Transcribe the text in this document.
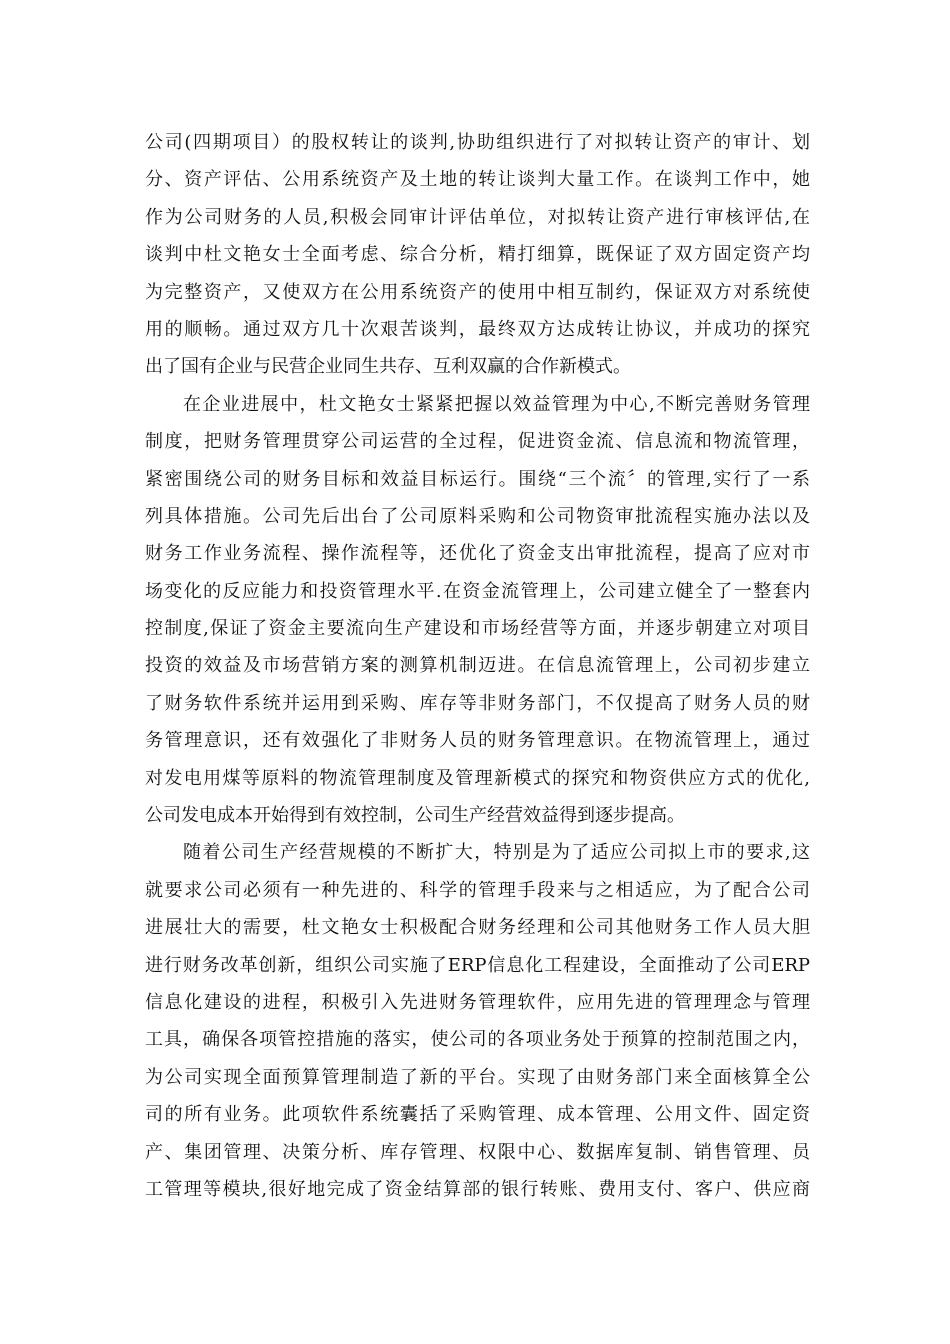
公司(四期项目）的股权转让的谈判,协助组织进行了对拟转让资产的审计、划
分、资产评估、公用系统资产及土地的转让谈判大量工作。在谈判工作中，她
作为公司财务的人员,积极会同审计评估单位，对拟转让资产进行审核评估,在
谈判中杜文艳女士全面考虑、综合分析，精打细算，既保证了双方固定资产均
为完整资产，又使双方在公用系统资产的使用中相互制约，保证双方对系统使
用的顺畅。通过双方几十次艰苦谈判，最终双方达成转让协议，并成功的探究
出了国有企业与民营企业同生共存、互利双赢的合作新模式。
在企业进展中，杜文艳女士紧紧把握以效益管理为中心,不断完善财务管理
制度，把财务管理贯穿公司运营的全过程，促进资金流、信息流和物流管理，
紧密围绕公司的财务目标和效益目标运行。围绕“三个流〞的管理,实行了一系
列具体措施。公司先后出台了公司原料采购和公司物资审批流程实施办法以及
财务工作业务流程、操作流程等，还优化了资金支出审批流程，提高了应对市
场变化的反应能力和投资管理水平.在资金流管理上，公司建立健全了一整套内
控制度,保证了资金主要流向生产建设和市场经营等方面，并逐步朝建立对项目
投资的效益及市场营销方案的测算机制迈进。在信息流管理上，公司初步建立
了财务软件系统并运用到采购、库存等非财务部门，不仅提高了财务人员的财
务管理意识，还有效强化了非财务人员的财务管理意识。在物流管理上，通过
对发电用煤等原料的物流管理制度及管理新模式的探究和物资供应方式的优化,
公司发电成本开始得到有效控制，公司生产经营效益得到逐步提高。
随着公司生产经营规模的不断扩大，特别是为了适应公司拟上市的要求,这
就要求公司必须有一种先进的、科学的管理手段来与之相适应，为了配合公司
进展壮大的需要，杜文艳女士积极配合财务经理和公司其他财务工作人员大胆
进行财务改革创新，组织公司实施了ERP信息化工程建设，全面推动了公司ERP
信息化建设的进程，积极引入先进财务管理软件，应用先进的管理理念与管理
工具，确保各项管控措施的落实，使公司的各项业务处于预算的控制范围之内，
为公司实现全面预算管理制造了新的平台。实现了由财务部门来全面核算全公
司的所有业务。此项软件系统囊括了采购管理、成本管理、公用文件、固定资
产、集团管理、决策分析、库存管理、权限中心、数据库复制、销售管理、员
工管理等模块,很好地完成了资金结算部的银行转账、费用支付、客户、供应商
